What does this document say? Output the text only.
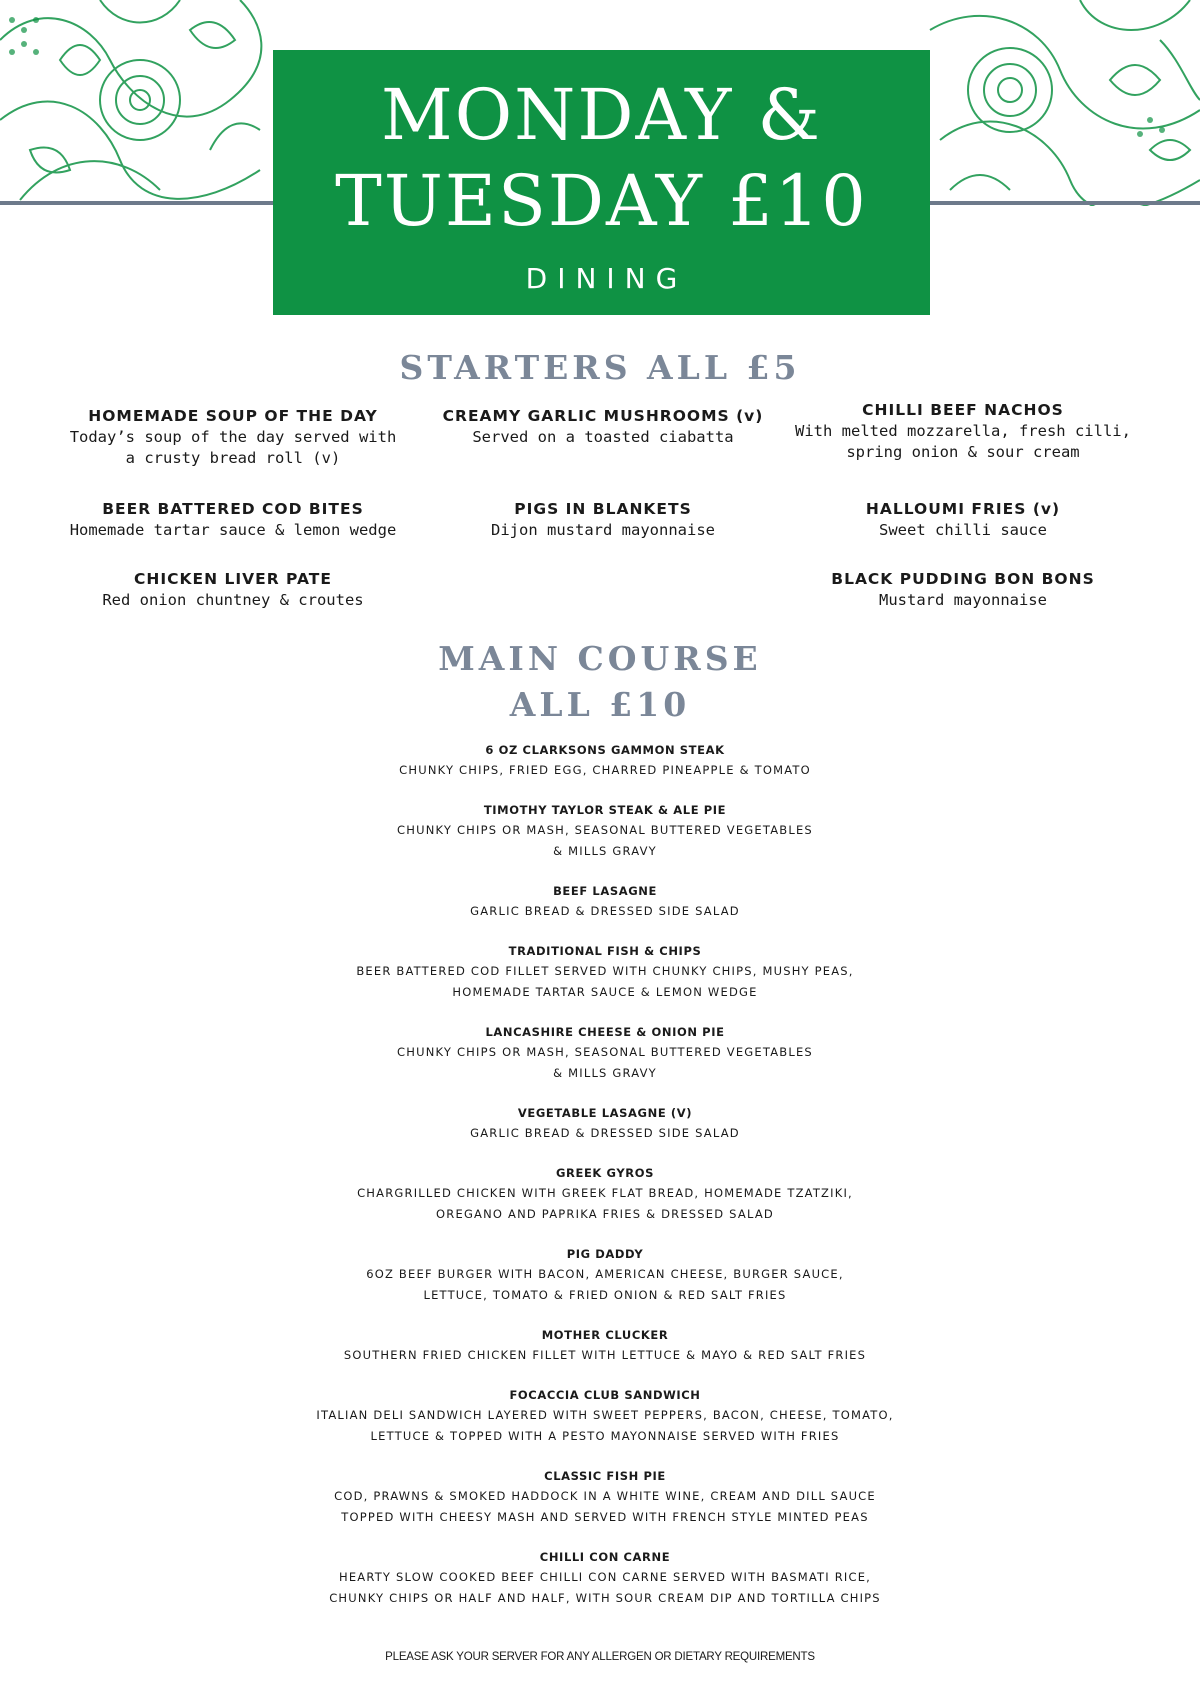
MONDAY &
TUESDAY £10
DINING
STARTERS ALL £5
HOMEMADE SOUP OF THE DAY
Today’s soup of the day served with
a crusty bread roll (v)
CREAMY GARLIC MUSHROOMS (v)
Served on a toasted ciabatta
CHILLI BEEF NACHOS
With melted mozzarella, fresh cilli,
spring onion & sour cream
BEER BATTERED COD BITES
Homemade tartar sauce & lemon wedge
PIGS IN BLANKETS
Dijon mustard mayonnaise
HALLOUMI FRIES (v)
Sweet chilli sauce
CHICKEN LIVER PATE
Red onion chuntney & croutes
BLACK PUDDING BON BONS
Mustard mayonnaise
MAIN COURSE
ALL £10
6 OZ CLARKSONS GAMMON STEAK
CHUNKY CHIPS, FRIED EGG, CHARRED PINEAPPLE & TOMATO
TIMOTHY TAYLOR STEAK & ALE PIE
CHUNKY CHIPS OR MASH, SEASONAL BUTTERED VEGETABLES
& MILLS GRAVY
BEEF LASAGNE
GARLIC BREAD & DRESSED SIDE SALAD
TRADITIONAL FISH & CHIPS
BEER BATTERED COD FILLET SERVED WITH CHUNKY CHIPS, MUSHY PEAS,
HOMEMADE TARTAR SAUCE & LEMON WEDGE
LANCASHIRE CHEESE & ONION PIE
CHUNKY CHIPS OR MASH, SEASONAL BUTTERED VEGETABLES
& MILLS GRAVY
VEGETABLE LASAGNE (V)
GARLIC BREAD & DRESSED SIDE SALAD
GREEK GYROS
CHARGRILLED CHICKEN WITH GREEK FLAT BREAD, HOMEMADE TZATZIKI,
OREGANO AND PAPRIKA FRIES & DRESSED SALAD
PIG DADDY
6OZ BEEF BURGER WITH BACON, AMERICAN CHEESE, BURGER SAUCE,
LETTUCE, TOMATO & FRIED ONION & RED SALT FRIES
MOTHER CLUCKER
SOUTHERN FRIED CHICKEN FILLET WITH LETTUCE & MAYO & RED SALT FRIES
FOCACCIA CLUB SANDWICH
ITALIAN DELI SANDWICH LAYERED WITH SWEET PEPPERS, BACON, CHEESE, TOMATO,
LETTUCE & TOPPED WITH A PESTO MAYONNAISE SERVED WITH FRIES
CLASSIC FISH PIE
COD, PRAWNS & SMOKED HADDOCK IN A WHITE WINE, CREAM AND DILL SAUCE
TOPPED WITH CHEESY MASH AND SERVED WITH FRENCH STYLE MINTED PEAS
CHILLI CON CARNE
HEARTY SLOW COOKED BEEF CHILLI CON CARNE SERVED WITH BASMATI RICE,
CHUNKY CHIPS OR HALF AND HALF, WITH SOUR CREAM DIP AND TORTILLA CHIPS
PLEASE ASK YOUR SERVER FOR ANY ALLERGEN OR DIETARY REQUIREMENTS
